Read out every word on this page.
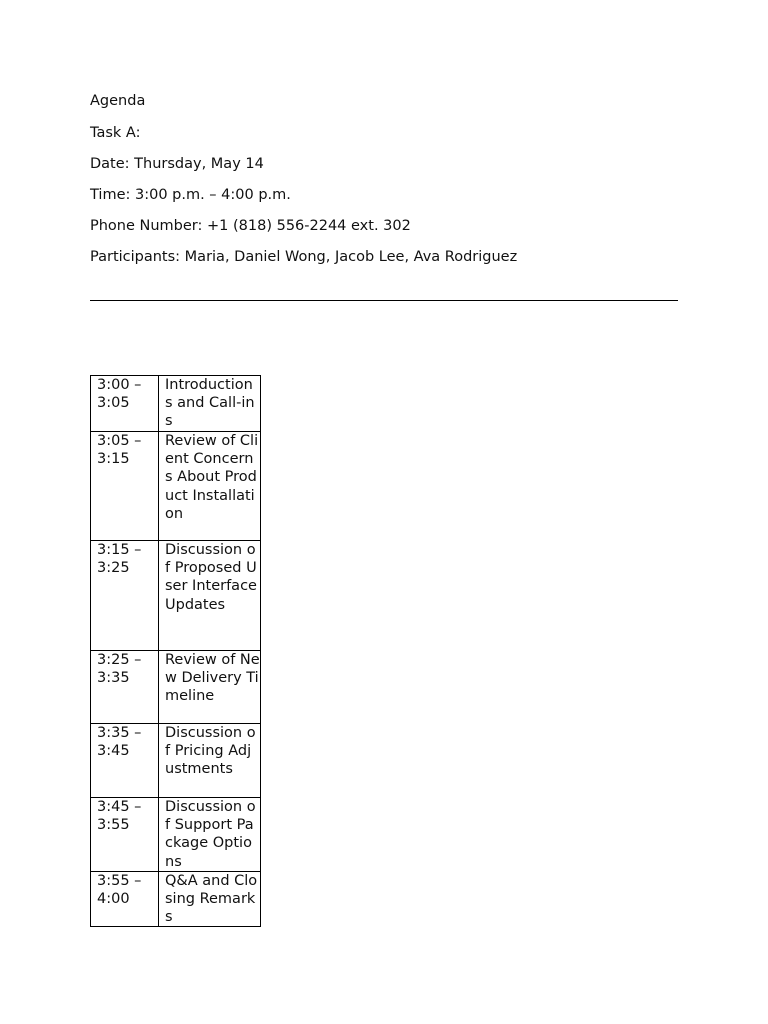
Agenda
Task A:
Date: Thursday, May 14
Time: 3:00 p.m. – 4:00 p.m.
Phone Number: +1 (818) 556-2244 ext. 302
Participants: Maria, Daniel Wong, Jacob Lee, Ava Rodriguez
3:00 – 3:05	Introductions and Call-ins
3:05 – 3:15	Review of Client Concerns About Product Installation
3:15 – 3:25	Discussion of Proposed User Interface Updates
3:25 – 3:35	Review of New Delivery Timeline
3:35 – 3:45	Discussion of Pricing Adjustments
3:45 – 3:55	Discussion of Support Package Options
3:55 – 4:00	Q&A and Closing Remarks
